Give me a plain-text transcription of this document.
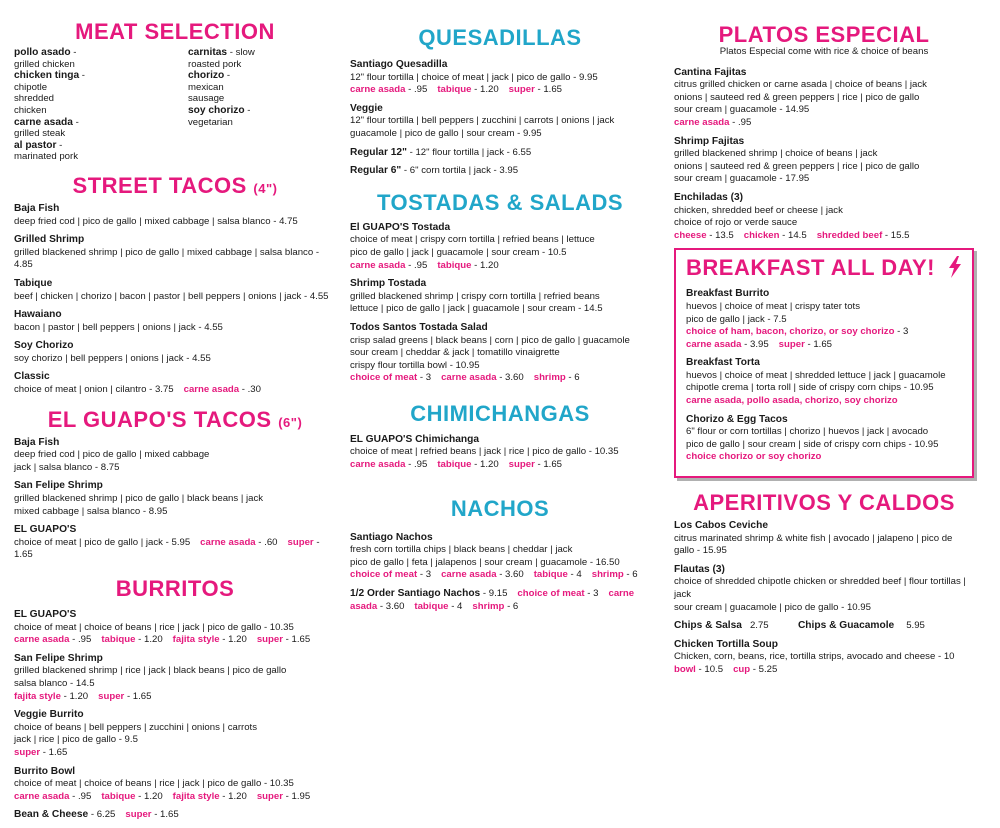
MEAT SELECTION
pollo asado - grilled chicken
chicken tinga - chipotle shredded chicken
carne asada - grilled steak
al pastor - marinated pork
carnitas - slow roasted pork
chorizo - mexican sausage
soy chorizo - vegetarian
STREET TACOS (4")
Baja Fish
deep fried cod | pico de gallo | mixed cabbage | salsa blanco - 4.75
Grilled Shrimp
grilled blackened shrimp | pico de gallo | mixed cabbage | salsa blanco - 4.85
Tabique
beef | chicken | chorizo | bacon | pastor | bell peppers | onions | jack - 4.55
Hawaiano
bacon | pastor | bell peppers | onions | jack - 4.55
Soy Chorizo
soy chorizo | bell peppers | onions | jack - 4.55
Classic
choice of meat | onion | cilantro - 3.75 carne asada - .30
EL GUAPO'S TACOS (6")
Baja Fish
deep fried cod | pico de gallo | mixed cabbage
jack | salsa blanco - 8.75
San Felipe Shrimp
grilled blackened shrimp | pico de gallo | black beans | jack
mixed cabbage | salsa blanco - 8.95
EL GUAPO'S
choice of meat | pico de gallo | jack - 5.95 carne asada - .60 super - 1.65
BURRITOS
EL GUAPO'S
choice of meat | choice of beans | rice | jack | pico de gallo - 10.35
carne asada - .95 tabique - 1.20 fajita style - 1.20 super - 1.65
San Felipe Shrimp
grilled blackened shrimp | rice | jack | black beans | pico de gallo
salsa blanco - 14.5
fajita style - 1.20 super - 1.65
Veggie Burrito
choice of beans | bell peppers | zucchini | onions | carrots
jack | rice | pico de gallo - 9.5
super - 1.65
Burrito Bowl
choice of meat | choice of beans | rice | jack | pico de gallo - 10.35
carne asada - .95 tabique - 1.20 fajita style - 1.20 super - 1.95
Bean & Cheese - 6.25 super - 1.65
QUESADILLAS
Santiago Quesadilla
12" flour tortilla | choice of meat | jack | pico de gallo - 9.95
carne asada - .95 tabique - 1.20 super - 1.65
Veggie
12" flour tortilla | bell peppers | zucchini | carrots | onions | jack
guacamole | pico de gallo | sour cream - 9.95
Regular 12" - 12" flour tortilla | jack - 6.55
Regular 6" - 6" corn tortila | jack - 3.95
TOSTADAS & SALADS
El GUAPO'S Tostada
choice of meat | crispy corn tortilla | refried beans | lettuce
pico de gallo | jack | guacamole | sour cream - 10.5
carne asada - .95 tabique - 1.20
Shrimp Tostada
grilled blackened shrimp | crispy corn tortilla | refried beans
lettuce | pico de gallo | jack | guacamole | sour cream - 14.5
Todos Santos Tostada Salad
crisp salad greens | black beans | corn | pico de gallo | guacamole
sour cream | cheddar & jack | tomatillo vinaigrette
crispy flour tortilla bowl - 10.95
choice of meat - 3 carne asada - 3.60 shrimp - 6
CHIMICHANGAS
EL GUAPO'S Chimichanga
choice of meat | refried beans | jack | rice | pico de gallo - 10.35
carne asada - .95 tabique - 1.20 super - 1.65
NACHOS
Santiago Nachos
fresh corn tortilla chips | black beans | cheddar | jack
pico de gallo | feta | jalapenos | sour cream | guacamole - 16.50
choice of meat - 3 carne asada - 3.60 tabique - 4 shrimp - 6
1/2 Order Santiago Nachos - 9.15 choice of meat - 3 carne asada - 3.60 tabique - 4 shrimp - 6
PLATOS ESPECIAL
Platos Especial come with rice & choice of beans
Cantina Fajitas
citrus grilled chicken or carne asada | choice of beans | jack
onions | sauteed red & green peppers | rice | pico de gallo
sour cream | guacamole - 14.95
carne asada - .95
Shrimp Fajitas
grilled blackened shrimp | choice of beans | jack
onions | sauteed red & green peppers | rice | pico de gallo
sour cream | guacamole - 17.95
Enchiladas (3)
chicken, shredded beef or cheese | jack
choice of rojo or verde sauce
cheese - 13.5 chicken - 14.5 shredded beef - 15.5
BREAKFAST ALL DAY!
Breakfast Burrito
huevos | choice of meat | crispy tater tots
pico de gallo | jack - 7.5
choice of ham, bacon, chorizo, or soy chorizo - 3
carne asada - 3.95 super - 1.65
Breakfast Torta
huevos | choice of meat | shredded lettuce | jack | guacamole
chipotle crema | torta roll | side of crispy corn chips - 10.95
carne asada, pollo asada, chorizo, soy chorizo
Chorizo & Egg Tacos
6" flour or corn tortillas | chorizo | huevos | jack | avocado
pico de gallo | sour cream | side of crispy corn chips - 10.95
choice chorizo or soy chorizo
APERITIVOS Y CALDOS
Los Cabos Ceviche
citrus marinated shrimp & white fish | avocado | jalapeno | pico de gallo - 15.95
Flautas (3)
choice of shredded chipotle chicken or shredded beef | flour tortillas | jack
sour cream | guacamole | pico de gallo - 10.95
Chips & Salsa 2.75	Chips & Guacamole 5.95
Chicken Tortilla Soup
Chicken, corn, beans, rice, tortilla strips, avocado and cheese - 10
bowl - 10.5 cup - 5.25
